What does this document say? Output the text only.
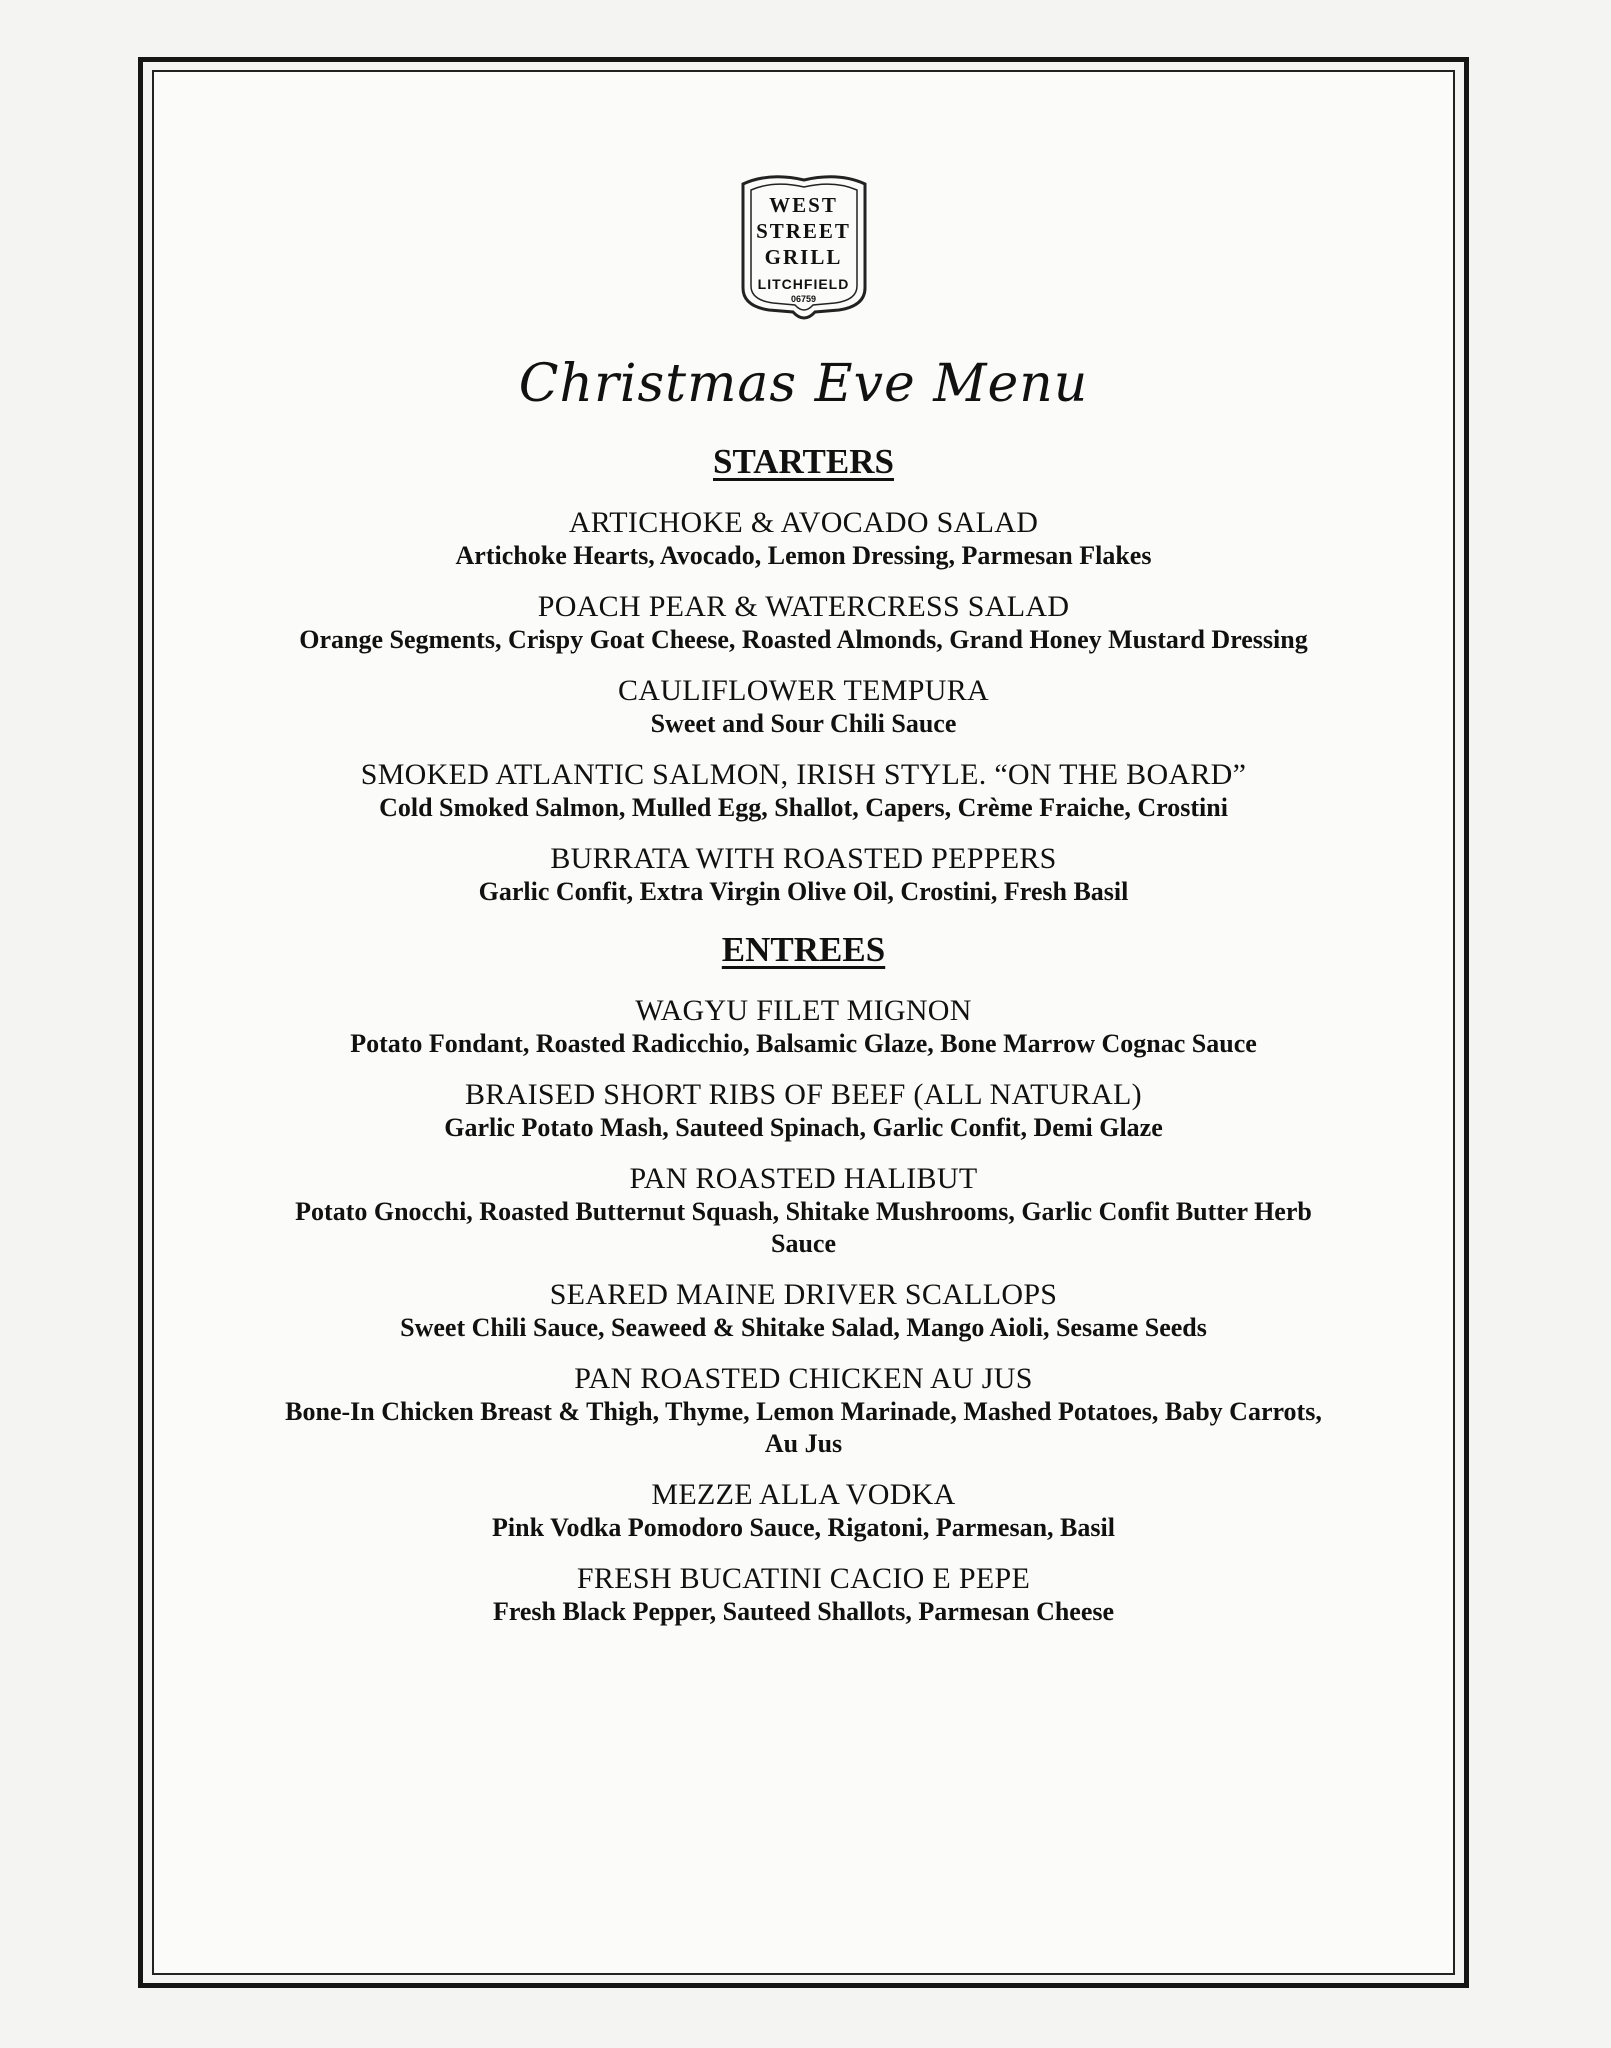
WEST
STREET
GRILL
LITCHFIELD
06759
Christmas Eve Menu
STARTERS
ARTICHOKE & AVOCADO SALAD
Artichoke Hearts, Avocado, Lemon Dressing, Parmesan Flakes
POACH PEAR & WATERCRESS SALAD
Orange Segments, Crispy Goat Cheese, Roasted Almonds, Grand Honey Mustard Dressing
CAULIFLOWER TEMPURA
Sweet and Sour Chili Sauce
SMOKED ATLANTIC SALMON, IRISH STYLE. “ON THE BOARD”
Cold Smoked Salmon, Mulled Egg, Shallot, Capers, Crème Fraiche, Crostini
BURRATA WITH ROASTED PEPPERS
Garlic Confit, Extra Virgin Olive Oil, Crostini, Fresh Basil
ENTREES
WAGYU FILET MIGNON
Potato Fondant, Roasted Radicchio, Balsamic Glaze, Bone Marrow Cognac Sauce
BRAISED SHORT RIBS OF BEEF (ALL NATURAL)
Garlic Potato Mash, Sauteed Spinach, Garlic Confit, Demi Glaze
PAN ROASTED HALIBUT
Potato Gnocchi, Roasted Butternut Squash, Shitake Mushrooms, Garlic Confit Butter Herb Sauce
SEARED MAINE DRIVER SCALLOPS
Sweet Chili Sauce, Seaweed & Shitake Salad, Mango Aioli, Sesame Seeds
PAN ROASTED CHICKEN AU JUS
Bone-In Chicken Breast & Thigh, Thyme, Lemon Marinade, Mashed Potatoes, Baby Carrots, Au Jus
MEZZE ALLA VODKA
Pink Vodka Pomodoro Sauce, Rigatoni, Parmesan, Basil
FRESH BUCATINI CACIO E PEPE
Fresh Black Pepper, Sauteed Shallots, Parmesan Cheese
